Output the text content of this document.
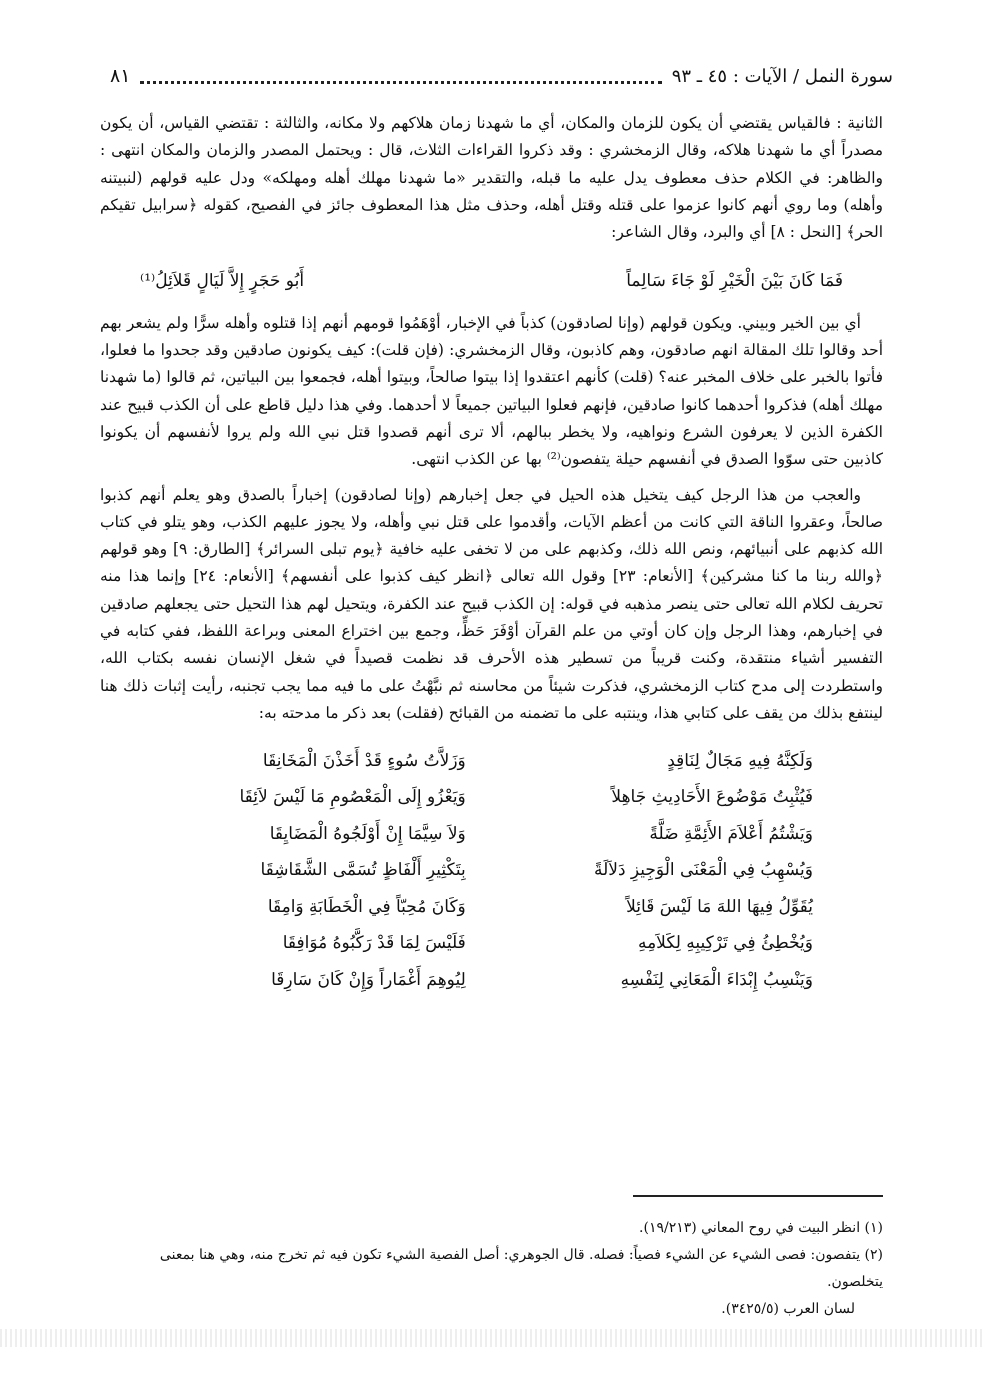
سورة النمل / الآيات : ٤٥ ـ ٩٣
٨١

الثانية : فالقياس يقتضي أن يكون للزمان والمكان، أي ما شهدنا زمان هلاكهم ولا مكانه، والثالثة : تقتضي القياس، أن يكون مصدراً أي ما شهدنا هلاكه، وقال الزمخشري : وقد ذكروا القراءات الثلاث، قال : ويحتمل المصدر والزمان والمكان انتهى : والظاهر: في الكلام حذف معطوف يدل عليه ما قبله، والتقدير «ما شهدنا مهلك أهله ومهلكه» ودل عليه قولهم (لنبيتنه وأهله) وما روي أنهم كانوا عزموا على قتله وقتل أهله، وحذف مثل هذا المعطوف جائز في الفصيح، كقوله ﴿سرابيل تقيكم الحر﴾ [النحل : ٨] أي والبرد، وقال الشاعر:

فَمَا كَانَ بَيْنَ الْخَيْرِ لَوْ جَاءَ سَالِماً
أَبُو حَجَرٍ إِلاَّ لَيَالٍ قَلاَئِلُ⁽¹⁾

أي بين الخير وبيني. ويكون قولهم (وإنا لصادقون) كذباً في الإخبار، أوْهَمُوا قومهم أنهم إذا قتلوه وأهله سرًّا ولم يشعر بهم أحد وقالوا تلك المقالة انهم صادقون، وهم كاذبون، وقال الزمخشري: (فإن قلت): كيف يكونون صادقين وقد جحدوا ما فعلوا، فأتوا بالخبر على خلاف المخبر عنه؟ (قلت) كأنهم اعتقدوا إذا بيتوا صالحاً، وبيتوا أهله، فجمعوا بين البياتين، ثم قالوا (ما شهدنا مهلك أهله) فذكروا أحدهما كانوا صادقين، فإنهم فعلوا البياتين جميعاً لا أحدهما. وفي هذا دليل قاطع على أن الكذب قبيح عند الكفرة الذين لا يعرفون الشرع ونواهيه، ولا يخطر ببالهم، ألا ترى أنهم قصدوا قتل نبي الله ولم يروا لأنفسهم أن يكونوا كاذبين حتى سوّوا الصدق في أنفسهم حيلة يتفصون⁽²⁾ بها عن الكذب انتهى.

والعجب من هذا الرجل كيف يتخيل هذه الحيل في جعل إخبارهم (وإنا لصادقون) إخباراً بالصدق وهو يعلم أنهم كذبوا صالحاً، وعقروا الناقة التي كانت من أعظم الآيات، وأقدموا على قتل نبي وأهله، ولا يجوز عليهم الكذب، وهو يتلو في كتاب الله كذبهم على أنبيائهم، ونص الله ذلك، وكذبهم على من لا تخفى عليه خافية ﴿يوم تبلى السرائر﴾ [الطارق: ٩] وهو قولهم ﴿والله ربنا ما كنا مشركين﴾ [الأنعام: ٢٣] وقول الله تعالى ﴿انظر كيف كذبوا على أنفسهم﴾ [الأنعام: ٢٤] وإنما هذا منه تحريف لكلام الله تعالى حتى ينصر مذهبه في قوله: إن الكذب قبيح عند الكفرة، ويتحيل لهم هذا التحيل حتى يجعلهم صادقين في إخبارهم، وهذا الرجل وإن كان أوتي من علم القرآن أوْفَرَ حَظٍّ، وجمع بين اختراع المعنى وبراعة اللفظ، ففي كتابه في التفسير أشياء منتقدة، وكنت قريباً من تسطير هذه الأحرف قد نظمت قصيداً في شغل الإنسان نفسه بكتاب الله، واستطردت إلى مدح كتاب الزمخشري، فذكرت شيئاً من محاسنه ثم نبَّهْتُ على ما فيه مما يجب تجنبه، رأيت إثبات ذلك هنا لينتفع بذلك من يقف على كتابي هذا، وينتبه على ما تضمنه من القبائح (فقلت) بعد ذكر ما مدحته به:

وَلَكِنَّهُ فِيهِ مَجَالٌ لِنَاقِدٍ
وَزَلاَّتُ سُوءٍ قَدْ أَخَذْنَ الْمَخَانِقَا
فَيُثْبِتُ مَوْضُوعَ الأَحَادِيثِ جَاهِلاً
وَيَعْزُو إِلَى الْمَعْصُومِ مَا لَيْسَ لاَئِقَا
وَيَشْتُمُ أَعْلاَمَ الأَئِمَّةِ ضَلَّةً
وَلاَ سِيَّمَا إِنْ أَوْلَجُوهُ الْمَضَايِقَا
وَيُسْهِبُ فِي الْمَعْنَى الْوَجِيزِ دَلاَلَةً
بِتَكْثِيرِ أَلْفَاظٍ تُسَمَّى الشَّقَاشِقَا
يُقَوِّلُ فِيهَا اللهَ مَا لَيْسَ قَائِلاً
وَكَانَ مُحِبّاً فِي الْخَطَابَةِ وَامِقَا
وَيُخْطِئُ فِي تَرْكِيبِهِ لِكَلاَمِهِ
فَلَيْسَ لِمَا قَدْ رَكَّبُوهُ مُوَافِقَا
وَيَنْسِبُ إِبْدَاءَ الْمَعَانِي لِنَفْسِهِ
لِيُوهِمَ أَغْمَاراً وَإِنْ كَانَ سَارِقَا

(١) انظر البيت في روح المعاني (١٩/٢١٣).

(٢) يتفصون: فصى الشيء عن الشيء فصياً: فصله. قال الجوهري: أصل الفصية الشيء تكون فيه ثم تخرج منه، وهي هنا بمعنى يتخلصون.

لسان العرب (٣٤٢٥/٥).
